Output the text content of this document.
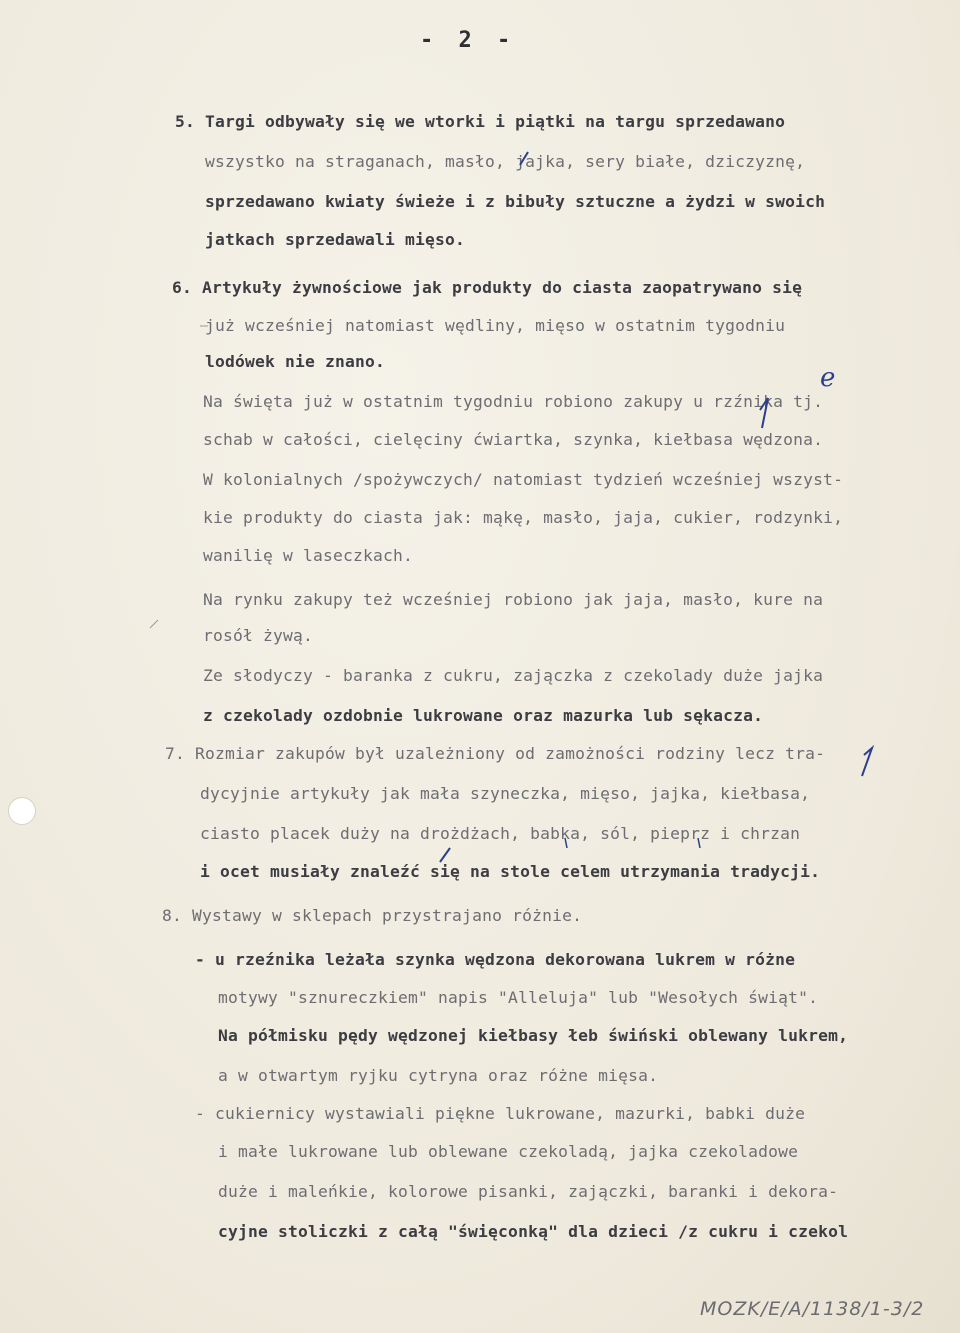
- 2 -
5. Targi odbywały się we wtorki i piątki na targu sprzedawano
wszystko na straganach, masło, jajka, sery białe, dziczyznę,
sprzedawano kwiaty świeże i z bibuły sztuczne a żydzi w swoich
jatkach sprzedawali mięso.
6. Artykuły żywnościowe jak produkty do ciasta zaopatrywano się
już wcześniej natomiast wędliny, mięso w ostatnim tygodniu
lodówek nie znano.
Na święta już w ostatnim tygodniu robiono zakupy u rzźnika tj.
schab w całości, cielęciny ćwiartka, szynka, kiełbasa wędzona.
W kolonialnych /spożywczych/ natomiast tydzień wcześniej wszyst-
kie produkty do ciasta jak: mąkę, masło, jaja, cukier, rodzynki,
wanilię w laseczkach.
Na rynku zakupy też wcześniej robiono jak jaja, masło, kure na
rosół żywą.
Ze słodyczy - baranka z cukru, zajączka z czekolady duże jajka
z czekolady ozdobnie lukrowane oraz mazurka lub sękacza.
7. Rozmiar zakupów był uzależniony od zamożności rodziny lecz tra-
dycyjnie artykuły jak mała szyneczka, mięso, jajka, kiełbasa,
ciasto placek duży na drożdżach, babka, sól, pieprz i chrzan
i ocet musiały znaleźć się na stole celem utrzymania tradycji.
8. Wystawy w sklepach przystrajano różnie.
- u rzeźnika leżała szynka wędzona dekorowana lukrem w różne
motywy "sznureczkiem" napis "Alleluja" lub "Wesołych świąt".
Na półmisku pędy wędzonej kiełbasy łeb świński oblewany lukrem,
a w otwartym ryjku cytryna oraz różne mięsa.
- cukiernicy wystawiali piękne lukrowane, mazurki, babki duże
i małe lukrowane lub oblewane czekoladą, jajka czekoladowe
duże i maleńkie, kolorowe pisanki, zajączki, baranki i dekora-
cyjne stoliczki z całą "święconką" dla dzieci /z cukru i czekol
e
MOZK/E/A/1138/1-3/2
